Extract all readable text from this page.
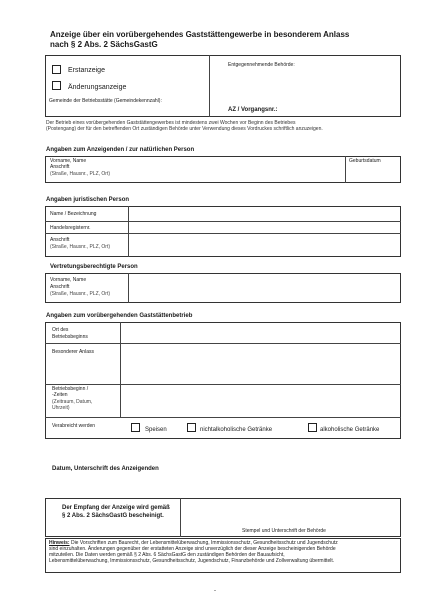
Anzeige über ein vorübergehendes Gaststättengewerbe in besonderem Anlass
nach § 2 Abs. 2 SächsGastG
Erstanzeige
Änderungsanzeige
Gemeinde der Betriebsstätte (Gemeindekennzahl):
Entgegennehmende Behörde:
AZ / Vorgangsnr.:
Der Betrieb eines vorübergehenden Gaststättengewerbes ist mindestens zwei Wochen vor Beginn des Betriebes
(Postengang) der für den betreffenden Ort zuständigen Behörde unter Verwendung dieses Vordruckes schriftlich anzuzeigen.
Angaben zum Anzeigenden / zur natürlichen Person
Vorname, Name
Anschrift
(Straße, Hausnr., PLZ, Ort)
Geburtsdatum
Angaben juristischen Person
Name / Bezeichnung
Handelsregisternr.
Anschrift
(Straße, Hausnr., PLZ, Ort)
Vertretungsberechtigte Person
Vorname, Name
Anschrift
(Straße, Hausnr., PLZ, Ort)
Angaben zum vorübergehenden Gaststättenbetrieb
Ort des
Betriebsbeginns
Besonderer Anlass
Betriebsbeginn /
-Zeiten
(Zeitraum, Datum,
Uhrzeit)
Verabreicht werden
Speisen	nichtalkoholische Getränke	alkoholische Getränke
Datum, Unterschrift des Anzeigenden
Der Empfang der Anzeige wird gemäß
§ 2 Abs. 2 SächsGastG bescheinigt.
Stempel und Unterschrift der Behörde
Hinweis: Die Vorschriften zum Baurecht, der Lebensmittelüberwachung, Immissionsschutz, Gesundheitsschutz und Jugendschutz
sind einzuhalten. Änderungen gegenüber der erstatteten Anzeige sind unverzüglich der dieser Anzeige bescheinigenden Behörde
mitzuteilen. Die Daten werden gemäß § 2 Abs. 6 SächsGastG den zuständigen Behörden der Bauaufsicht,
Lebensmittelüberwachung, Immissionsschutz, Gesundheitsschutz, Jugendschutz, Finanzbehörde und Zollverwaltung übermittelt.
-
